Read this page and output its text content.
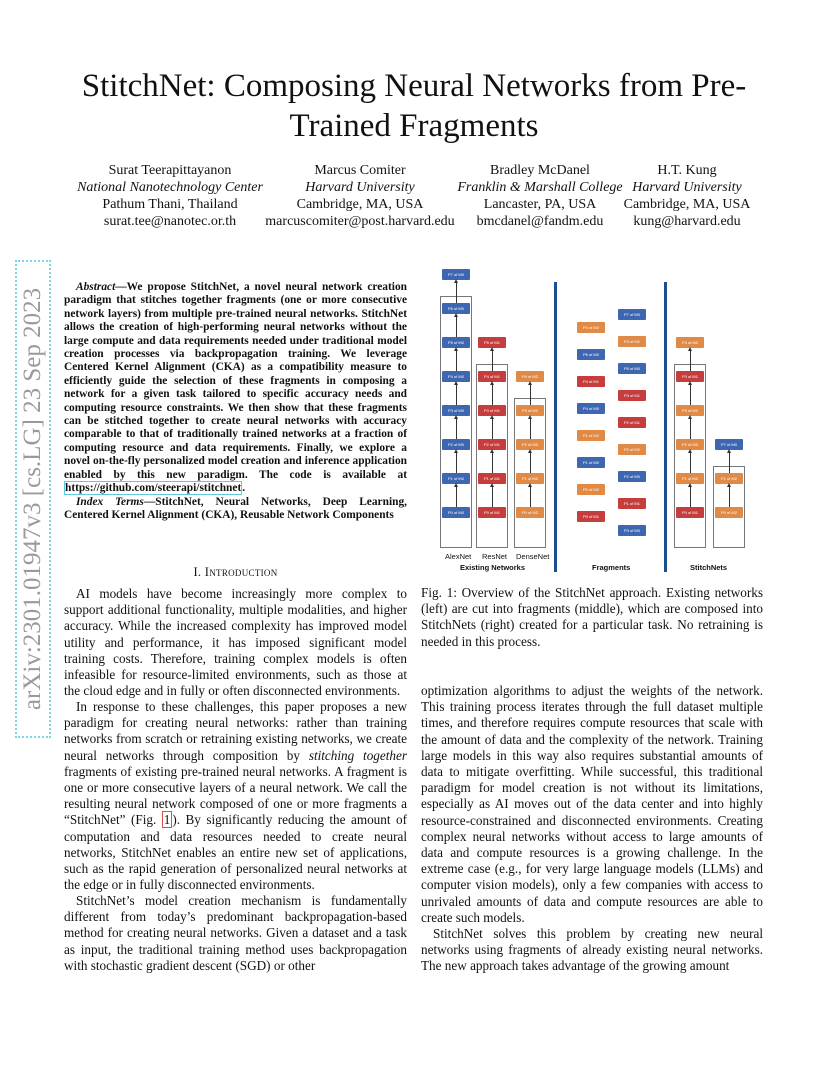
arXiv:2301.01947v3 [cs.LG] 23 Sep 2023
StitchNet: Composing Neural Networks from Pre-Trained Fragments
Surat Teerapittayanon
National Nanotechnology Center
Pathum Thani, Thailand
surat.tee@nanotec.or.th
Marcus Comiter
Harvard University
Cambridge, MA, USA
marcuscomiter@post.harvard.edu
Bradley McDanel
Franklin & Marshall College
Lancaster, PA, USA
bmcdanel@fandm.edu
H.T. Kung
Harvard University
Cambridge, MA, USA
kung@harvard.edu

Abstract—We propose StitchNet, a novel neural network creation paradigm that stitches together fragments (one or more consecutive network layers) from multiple pre-trained neural networks. StitchNet allows the creation of high-performing neural networks without the large compute and data requirements needed under traditional model creation processes via backpropagation training. We leverage Centered Kernel Alignment (CKA) as a compatibility measure to efficiently guide the selection of these fragments in composing a network for a given task tailored to specific accuracy needs and computing resource constraints. We then show that these fragments can be stitched together to create neural networks with accuracy comparable to that of traditionally trained networks at a fraction of computing resource and data requirements. Finally, we explore a novel on-the-fly personalized model creation and inference application enabled by this new paradigm. The code is available at https://github.com/steerapi/stitchnet.

Index Terms—StitchNet, Neural Networks, Deep Learning, Centered Kernel Alignment (CKA), Reusable Network Components

I. Introduction

AI models have become increasingly more complex to support additional functionality, multiple modalities, and higher accuracy. While the increased complexity has improved model utility and performance, it has imposed significant model training costs. Therefore, training complex models is often infeasible for resource-limited environments, such as those at the cloud edge and in fully or often disconnected environments.

In response to these challenges, this paper proposes a new paradigm for creating neural networks: rather than training networks from scratch or retraining existing networks, we create neural networks through composition by stitching together fragments of existing pre-trained neural networks. A fragment is one or more consecutive layers of a neural network. We call the resulting neural network composed of one or more fragments a “StitchNet” (Fig. 1 ). By significantly reducing the amount of computation and data resources needed to create neural networks, StitchNet enables an entire new set of applications, such as the rapid generation of personalized neural networks at the edge or in fully disconnected environments.

StitchNet’s model creation mechanism is fundamentally different from today’s predominant backpropagation-based method for creating neural networks. Given a dataset and a task as input, the traditional training method uses backpropagation with stochastic gradient descent (SGD) or other

optimization algorithms to adjust the weights of the network. This training process iterates through the full dataset multiple times, and therefore requires compute resources that scale with the amount of data and the complexity of the network. Training large models in this way also requires substantial amounts of data to mitigate overfitting. While successful, this traditional paradigm for model creation is not without its limitations, especially as AI moves out of the data center and into highly resource-constrained and disconnected environments. Creating complex neural networks without access to large amounts of data and compute resources is a growing challenge. In the extreme case (e.g., for very large language models (LLMs) and computer vision models), only a few companies with access to unrivaled amounts of data and compute resources are able to create such models.

StitchNet solves this problem by creating new neural networks using fragments of already existing neural networks. The new approach takes advantage of the growing amount

AlexNet ResNet DenseNet
Existing Networks	Fragments	StitchNets
P7 of M0
P6 of M0
P5 of M0
P4 of M0
P3 of M0
P2 of M0
P1 of M0
P0 of M0
P5 of M1
P4 of M1
P3 of M1
P2 of M1
P1 of M1
P0 of M1
P4 of M2
P3 of M2
P2 of M2
P1 of M2
P0 of M2
P4 of M2
P6 of M0
P4 of M1
P4 of M0
P1 of M2
P1 of M0
P0 of M2
P0 of M1
P7 of M0
P3 of M2
P5 of M0
P3 of M1
P2 of M1
P2 of M2
P2 of M0
P1 of M1
P3 of M0
P4 of M2
P3 of M1
P3 of M2
P2 of M2
P1 of M2
P0 of M1
P7 of M0
P1 of M2
P0 of M2

Fig. 1: Overview of the StitchNet approach. Existing networks (left) are cut into fragments (middle), which are composed into StitchNets (right) created for a particular task. No retraining is needed in this process.
